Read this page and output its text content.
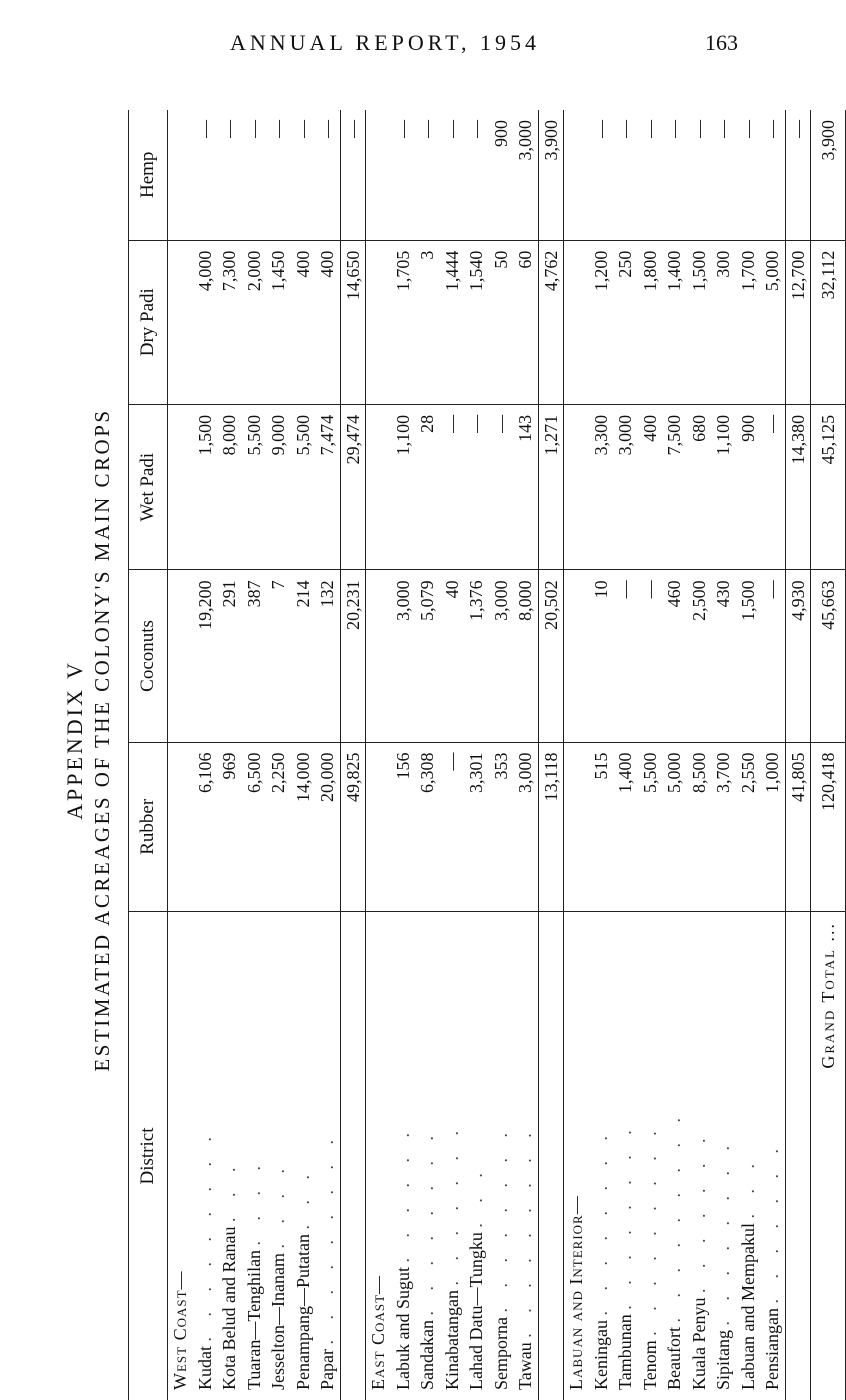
ANNUAL REPORT, 1954	163
APPENDIX V ESTIMATED ACREAGES OF THE COLONY'S MAIN CROPS
District	Rubber	Coconuts	Wet Padi	Dry Padi	Hemp
West Coast—					
Kudat . . . . . . . . .	6,106	19,200	1,500	4,000	—
Kota Belud and Ranau . . .	969	291	8,000	7,300	—
Tuaran—Tenghilan . . . .	6,500	387	5,500	2,000	—
Jesselton—Inanam . . . .	2,250	7	9,000	1,450	—
Penampang—Putatan . . .	14,000	214	5,500	400	—
Papar . . . . . . . . .	20,000	132	7,474	400	—
	49,825	20,231	29,474	14,650	—
East Coast—					
Labuk and Sugut . . . . . .	156	3,000	1,100	1,705	—
Sandakan . . . . . . . .	6,308	5,079	28	3	—
Kinabatangan . . . . . . .	—	40	—	1,444	—
Lahad Datu—Tungku . . .	3,301	1,376	—	1,540	—
Semporna . . . . . . . .	353	3,000	—	50	900
Tawau . . . . . . . . .	3,000	8,000	143	60	3,000
	13,118	20,502	1,271	4,762	3,900
Labuan and Interior—					
Keningau . . . . . . . .	515	10	3,300	1,200	—
Tambunan . . . . . . . .	1,400	—	3,000	250	—
Tenom . . . . . . . . .	5,500	—	400	1,800	—
Beaufort . . . . . . . . .	5,000	460	7,500	1,400	—
Kuala Penyu . . . . . . .	8,500	2,500	680	1,500	—
Sipitang . . . . . . . .	3,700	430	1,100	300	—
Labuan and Mempakul . . .	2,550	1,500	900	1,700	—
Pensiangan . . . . . . .	1,000	—	—	5,000	—
	41,805	4,930	14,380	12,700	—
Grand Total ...	120,418	45,663	45,125	32,112	3,900
